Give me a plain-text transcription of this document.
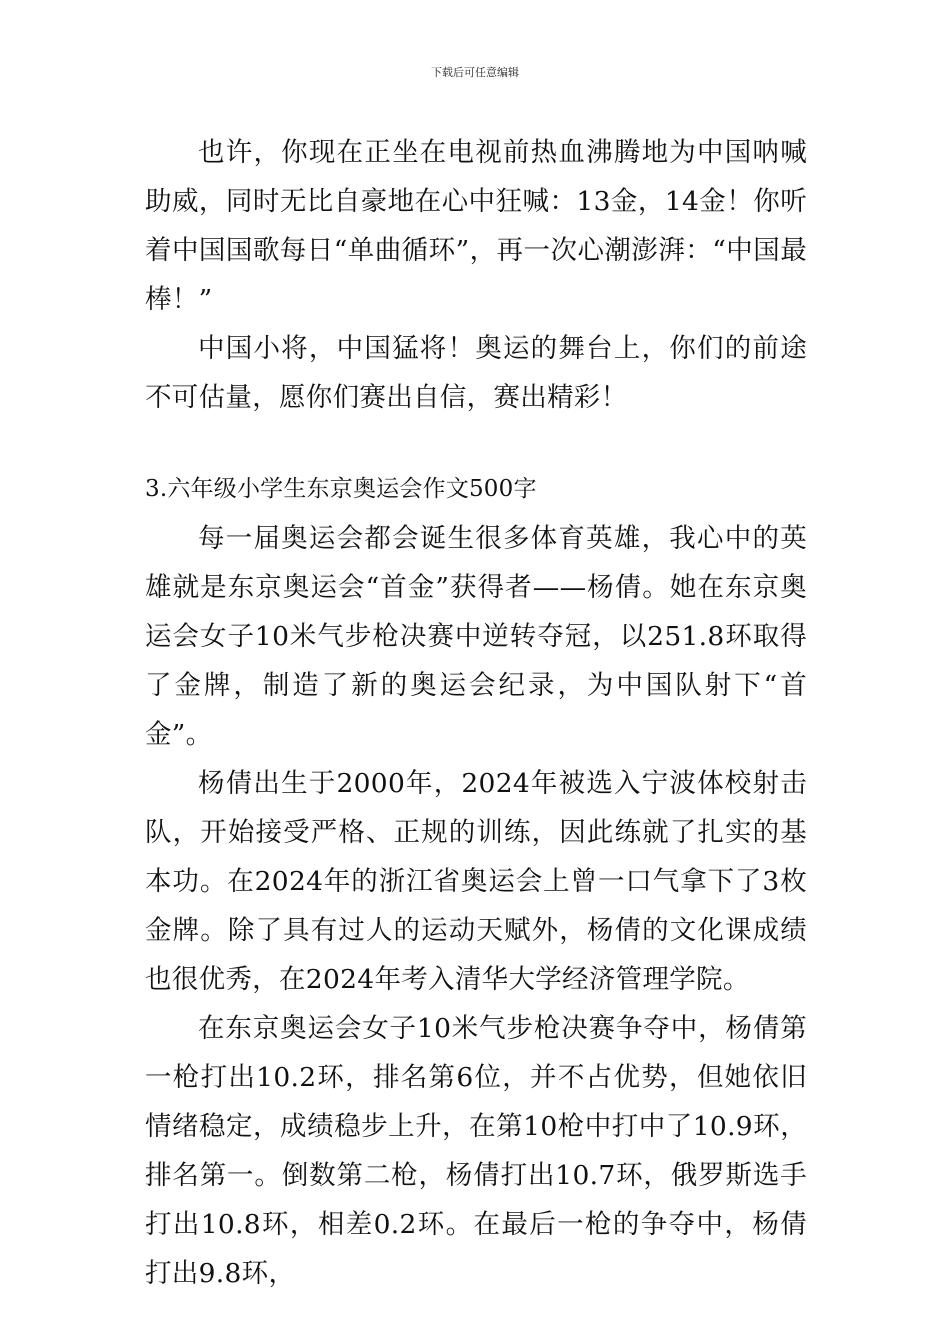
下载后可任意编辑

也许，你现在正坐在电视前热血沸腾地为中国呐喊助威，同时无比自豪地在心中狂喊：13金，14金！你听着中国国歌每日“单曲循环”，再一次心潮澎湃：“中国最棒！”

中国小将，中国猛将！奥运的舞台上，你们的前途不可估量，愿你们赛出自信，赛出精彩！

3.六年级小学生东京奥运会作文500字

每一届奥运会都会诞生很多体育英雄，我心中的英雄就是东京奥运会“首金”获得者——杨倩。她在东京奥运会女子10米气步枪决赛中逆转夺冠，以251.8环取得了金牌，制造了新的奥运会纪录，为中国队射下“首金”。

杨倩出生于2000年，2024年被选入宁波体校射击队，开始接受严格、正规的训练，因此练就了扎实的基本功。在2024年的浙江省奥运会上曾一口气拿下了3枚金牌。除了具有过人的运动天赋外，杨倩的文化课成绩也很优秀，在2024年考入清华大学经济管理学院。

在东京奥运会女子10米气步枪决赛争夺中，杨倩第一枪打出10.2环，排名第6位，并不占优势，但她依旧情绪稳定，成绩稳步上升，在第10枪中打中了10.9环，排名第一。倒数第二枪，杨倩打出10.7环，俄罗斯选手打出10.8环，相差0.2环。在最后一枪的争夺中，杨倩打出9.8环，
